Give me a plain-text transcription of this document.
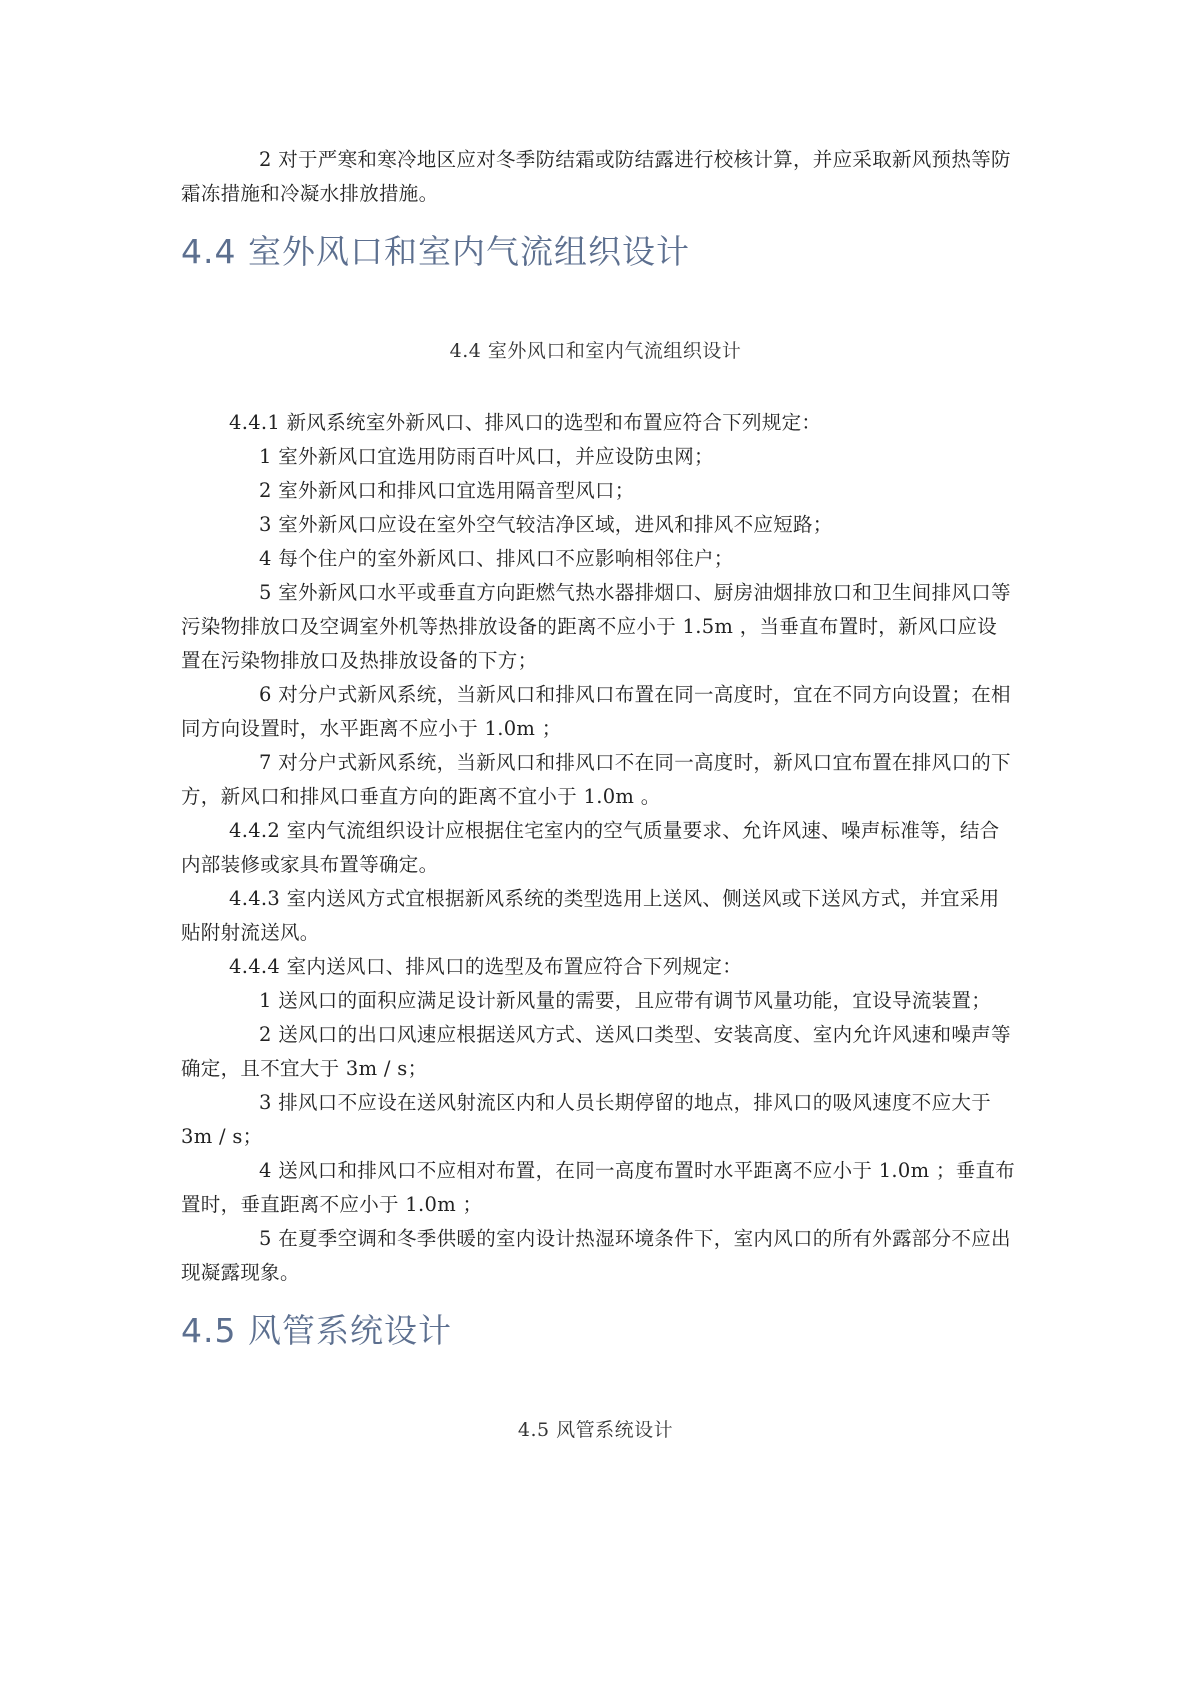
2 对于严寒和寒冷地区应对冬季防结霜或防结露进行校核计算，并应采取新风预热等防霜冻措施和冷凝水排放措施。

4.4 室外风口和室内气流组织设计

4.4 室外风口和室内气流组织设计

4.4.1 新风系统室外新风口、排风口的选型和布置应符合下列规定：

1 室外新风口宜选用防雨百叶风口，并应设防虫网；

2 室外新风口和排风口宜选用隔音型风口；

3 室外新风口应设在室外空气较洁净区域，进风和排风不应短路；

4 每个住户的室外新风口、排风口不应影响相邻住户；

5 室外新风口水平或垂直方向距燃气热水器排烟口、厨房油烟排放口和卫生间排风口等污染物排放口及空调室外机等热排放设备的距离不应小于 1.5m ，当垂直布置时，新风口应设置在污染物排放口及热排放设备的下方；

6 对分户式新风系统，当新风口和排风口布置在同一高度时，宜在不同方向设置；在相同方向设置时，水平距离不应小于 1.0m ；

7 对分户式新风系统，当新风口和排风口不在同一高度时，新风口宜布置在排风口的下方，新风口和排风口垂直方向的距离不宜小于 1.0m 。

4.4.2 室内气流组织设计应根据住宅室内的空气质量要求、允许风速、噪声标准等，结合内部装修或家具布置等确定。

4.4.3 室内送风方式宜根据新风系统的类型选用上送风、侧送风或下送风方式，并宜采用贴附射流送风。

4.4.4 室内送风口、排风口的选型及布置应符合下列规定：

1 送风口的面积应满足设计新风量的需要，且应带有调节风量功能，宜设导流装置；

2 送风口的出口风速应根据送风方式、送风口类型、安装高度、室内允许风速和噪声等确定，且不宜大于 3m / s；

3 排风口不应设在送风射流区内和人员长期停留的地点，排风口的吸风速度不应大于 3m / s；

4 送风口和排风口不应相对布置，在同一高度布置时水平距离不应小于 1.0m ；垂直布置时，垂直距离不应小于 1.0m ；

5 在夏季空调和冬季供暖的室内设计热湿环境条件下，室内风口的所有外露部分不应出现凝露现象。

4.5 风管系统设计

4.5 风管系统设计
